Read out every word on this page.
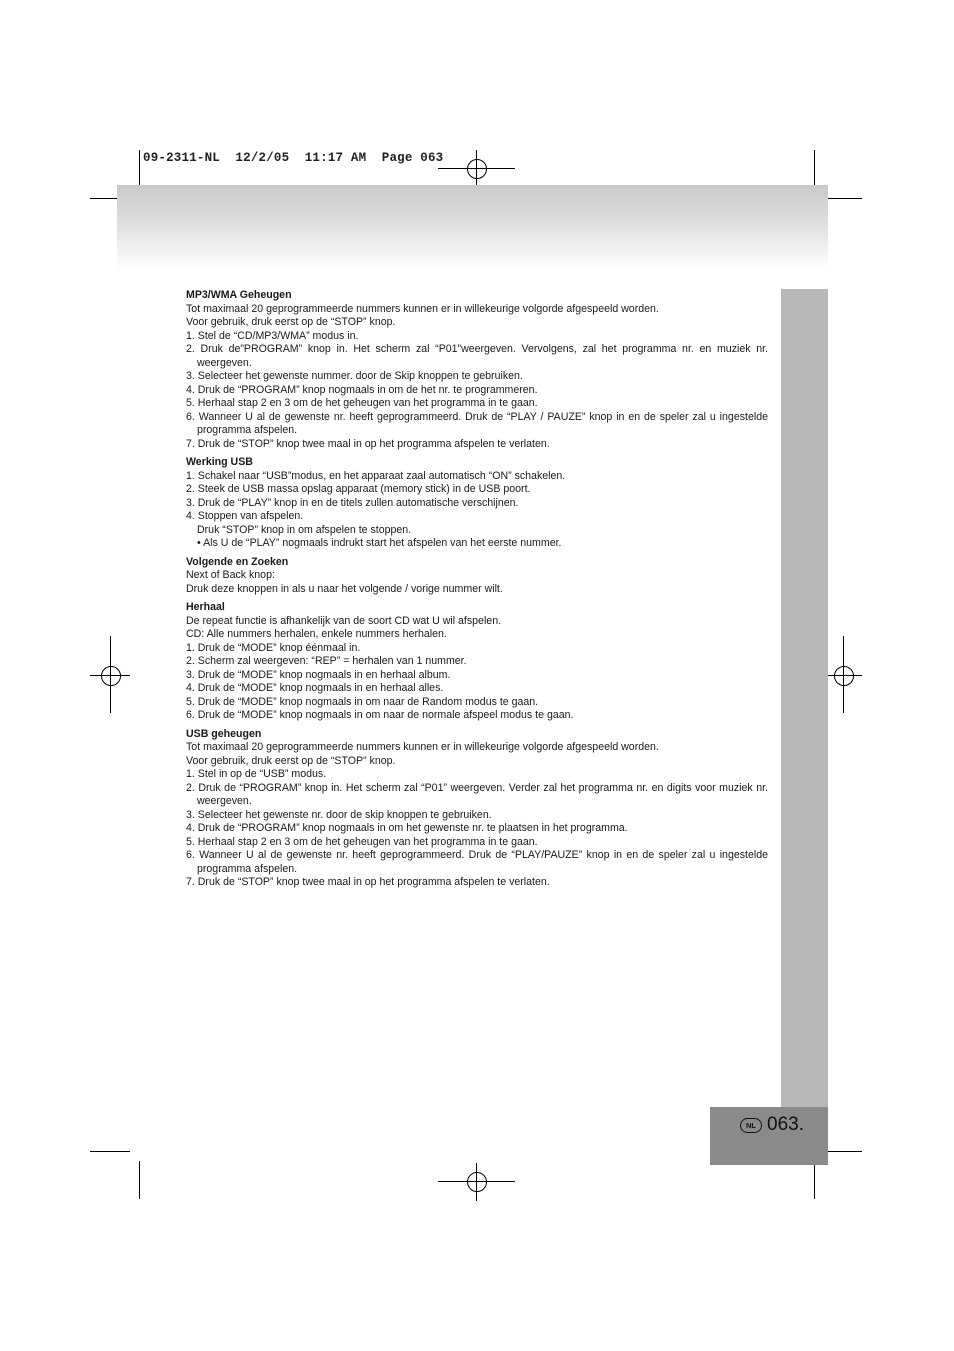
09-2311-NL  12/2/05  11:17 AM  Page 063
NL 063.
MP3/WMA Geheugen

Tot maximaal 20 geprogrammeerde nummers kunnen er in willekeurige volgorde afgespeeld worden.

Voor gebruik, druk eerst op de “STOP” knop.

1. Stel de “CD/MP3/WMA” modus in.
2. Druk de”PROGRAM” knop in. Het scherm zal “P01”weergeven. Vervolgens, zal het programma nr. en muziek nr. weergeven.
3. Selecteer het gewenste nummer. door de Skip knoppen te gebruiken.
4. Druk de “PROGRAM” knop nogmaals in om de het nr. te programmeren.
5. Herhaal stap 2 en 3 om de het geheugen van het programma in te gaan.
6. Wanneer U al de gewenste nr. heeft geprogrammeerd. Druk de “PLAY / PAUZE” knop in en de speler zal u ingestelde programma afspelen.
7. Druk de “STOP” knop twee maal in op het programma afspelen te verlaten.
Werking USB
1. Schakel naar “USB”modus, en het apparaat zaal automatisch “ON” schakelen.
2. Steek de USB massa opslag apparaat (memory stick) in de USB poort.
3. Druk de “PLAY” knop in en de titels zullen automatische verschijnen.
4. Stoppen van afspelen.

Druk “STOP” knop in om afspelen te stoppen.

• Als U de “PLAY” nogmaals indrukt start het afspelen van het eerste nummer.

Volgende en Zoeken

Next of Back knop:

Druk deze knoppen in als u naar het volgende / vorige nummer wilt.

Herhaal

De repeat functie is afhankelijk van de soort CD wat U wil afspelen.

CD: Alle nummers herhalen, enkele nummers herhalen.

1. Druk de “MODE” knop éénmaal in.
2. Scherm zal weergeven: “REP” = herhalen van 1 nummer.
3. Druk de “MODE” knop nogmaals in en herhaal album.
4. Druk de “MODE” knop nogmaals in en herhaal alles.
5. Druk de “MODE” knop nogmaals in om naar de Random modus te gaan.
6. Druk de “MODE” knop nogmaals in om naar de normale afspeel modus te gaan.
USB geheugen

Tot maximaal 20 geprogrammeerde nummers kunnen er in willekeurige volgorde afgespeeld worden.

Voor gebruik, druk eerst op de “STOP” knop.

1. Stel in op de “USB” modus.
2. Druk de “PROGRAM” knop in. Het scherm zal “P01” weergeven. Verder zal het programma nr. en digits voor muziek nr. weergeven.
3. Selecteer het gewenste nr. door de skip knoppen te gebruiken.
4. Druk de “PROGRAM” knop nogmaals in om het gewenste nr. te plaatsen in het programma.
5. Herhaal stap 2 en 3 om de het geheugen van het programma in te gaan.
6. Wanneer U al de gewenste nr. heeft geprogrammeerd. Druk de “PLAY/PAUZE” knop in en de speler zal u ingestelde programma afspelen.
7. Druk de “STOP” knop twee maal in op het programma afspelen te verlaten.
